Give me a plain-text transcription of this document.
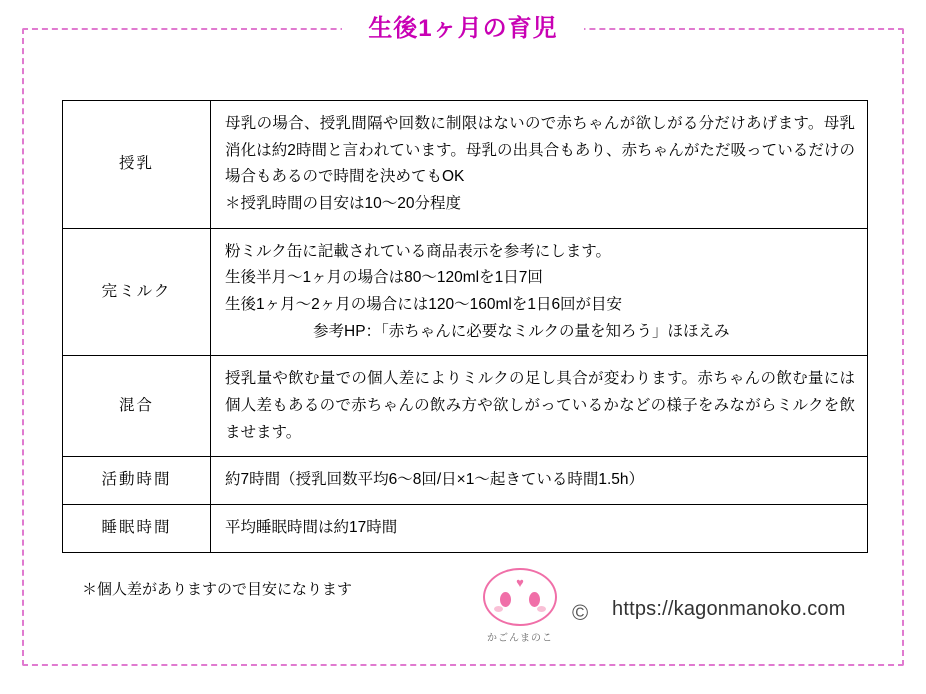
生後1ヶ月の育児
授乳	母乳の場合、授乳間隔や回数に制限はないので赤ちゃんが欲しがる分だけあげます。母乳消化は約2時間と言われています。母乳の出具合もあり、赤ちゃんがただ吸っているだけの場合もあるので時間を決めてもOK

＊授乳時間の目安は10〜20分程度

完ミルク	粉ミルク缶に記載されている商品表示を参考にします。

生後半月〜1ヶ月の場合は80〜120mlを1日7回

生後1ヶ月〜2ヶ月の場合には120〜160mlを1日6回が目安

参考HP：「赤ちゃんに必要なミルクの量を知ろう」ほほえみ

混合	授乳量や飲む量での個人差によりミルクの足し具合が変わります。赤ちゃんの飲む量には個人差もあるので赤ちゃんの飲み方や欲しがっているかなどの様子をみながらミルクを飲ませます。

活動時間	約7時間（授乳回数平均6〜8回/日×1〜起きている時間1.5h）

睡眠時間	平均睡眠時間は約17時間

＊個人差がありますので目安になります	♥
かごんまのこ
© https://kagonmanoko.com
